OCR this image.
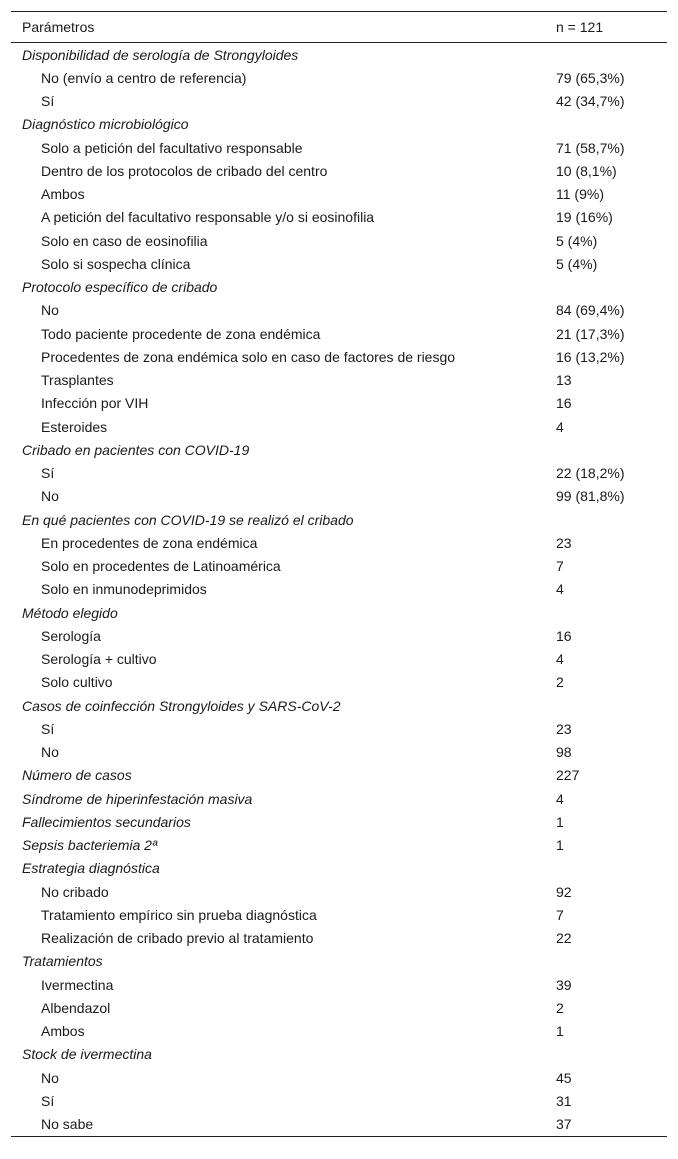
Parámetros	n = 121
Disponibilidad de serología de Strongyloides	
No (envío a centro de referencia)	79 (65,3%)
Sí	42 (34,7%)
Diagnóstico microbiológico	
Solo a petición del facultativo responsable	71 (58,7%)
Dentro de los protocolos de cribado del centro	10 (8,1%)
Ambos	11 (9%)
A petición del facultativo responsable y/o si eosinofilia	19 (16%)
Solo en caso de eosinofilia	5 (4%)
Solo si sospecha clínica	5 (4%)
Protocolo específico de cribado	
No	84 (69,4%)
Todo paciente procedente de zona endémica	21 (17,3%)
Procedentes de zona endémica solo en caso de factores de riesgo	16 (13,2%)
Trasplantes	13
Infección por VIH	16
Esteroides	4
Cribado en pacientes con COVID-19	
Sí	22 (18,2%)
No	99 (81,8%)
En qué pacientes con COVID-19 se realizó el cribado	
En procedentes de zona endémica	23
Solo en procedentes de Latinoamérica	7
Solo en inmunodeprimidos	4
Método elegido	
Serología	16
Serología + cultivo	4
Solo cultivo	2
Casos de coinfección Strongyloides y SARS-CoV-2	
Sí	23
No	98
Número de casos	227
Síndrome de hiperinfestación masiva	4
Fallecimientos secundarios	1
Sepsis bacteriemia 2ª	1
Estrategia diagnóstica	
No cribado	92
Tratamiento empírico sin prueba diagnóstica	7
Realización de cribado previo al tratamiento	22
Tratamientos	
Ivermectina	39
Albendazol	2
Ambos	1
Stock de ivermectina	
No	45
Sí	31
No sabe	37
